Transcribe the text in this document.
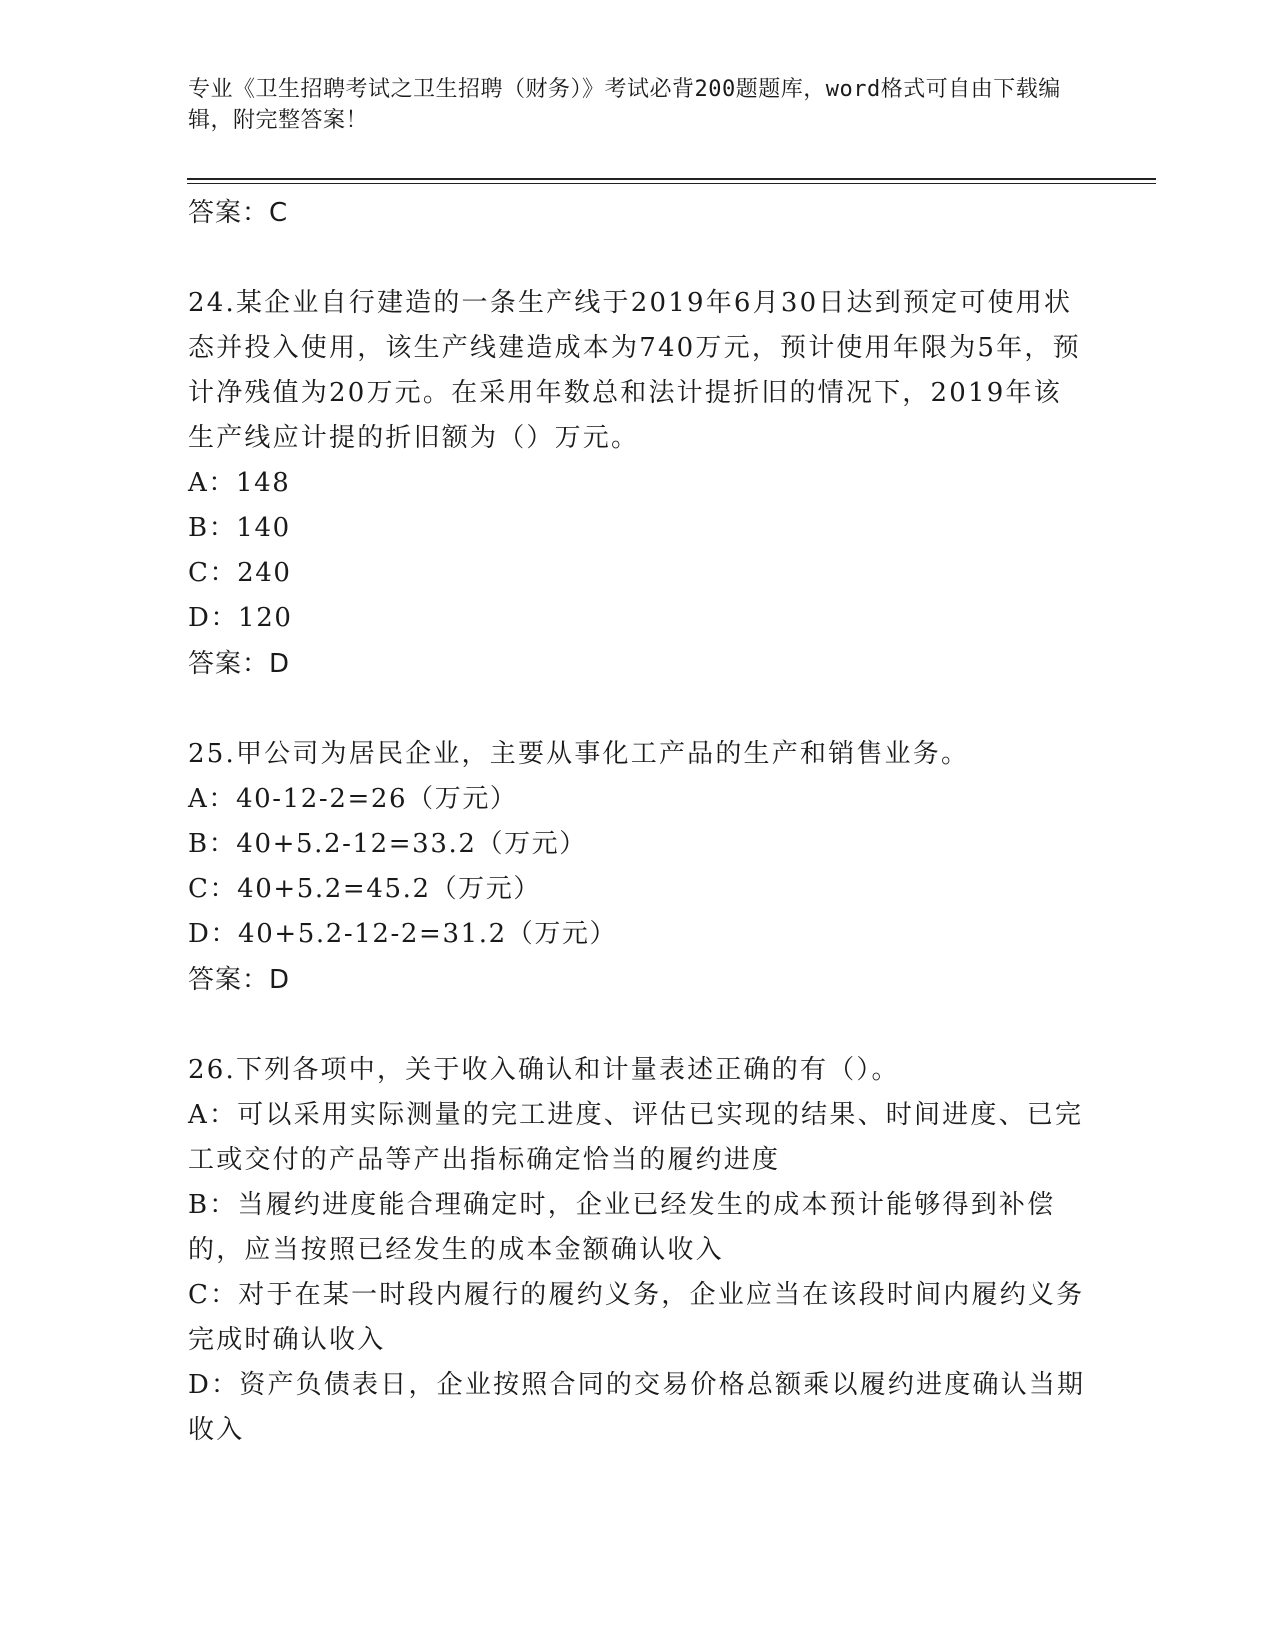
专业《卫生招聘考试之卫生招聘（财务）》考试必背200题题库，word格式可自由下载编辑，附完整答案！
答案：C
24.某企业自行建造的一条生产线于2019年6月30日达到预定可使用状态并投入使用，该生产线建造成本为740万元，预计使用年限为5年，预计净残值为20万元。在采用年数总和法计提折旧的情况下，2019年该生产线应计提的折旧额为（）万元。
A：148
B：140
C：240
D：120
答案：D
25.甲公司为居民企业，主要从事化工产品的生产和销售业务。
A：40-12-2=26（万元）
B：40+5.2-12=33.2（万元）
C：40+5.2=45.2（万元）
D：40+5.2-12-2=31.2（万元）
答案：D
26.下列各项中，关于收入确认和计量表述正确的有（）。
A：可以采用实际测量的完工进度、评估已实现的结果、时间进度、已完工或交付的产品等产出指标确定恰当的履约进度
B：当履约进度能合理确定时，企业已经发生的成本预计能够得到补偿的，应当按照已经发生的成本金额确认收入
C：对于在某一时段内履行的履约义务，企业应当在该段时间内履约义务完成时确认收入
D：资产负债表日，企业按照合同的交易价格总额乘以履约进度确认当期收入
